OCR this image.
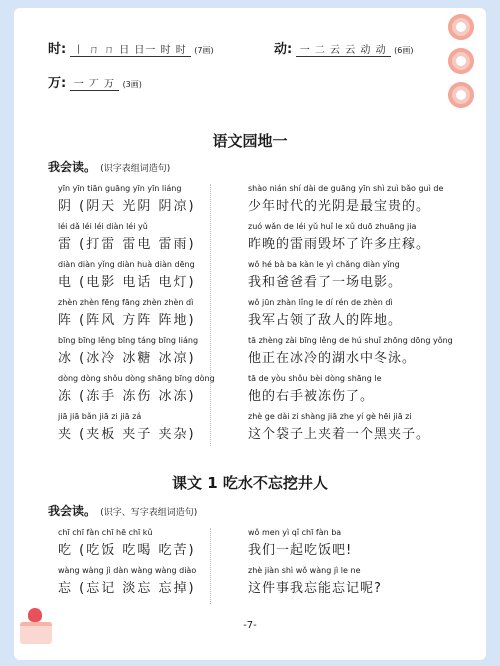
时: 丨 ㄇ ㄇ 日 日一 时 时 (7画)	动: 一 二 云 云 动 动 (6画)
万: 一 丆 万 (3画)
语文园地一
我会读。 (识字表组词造句)
yīn yīn tiān guāng yīn yīn liáng
阴 (阴天 光阴 阴凉)
shào nián shí dài de guāng yīn shì zuì bǎo guì de
少年时代的光阴是最宝贵的。
léi dǎ léi léi diàn léi yǔ
雷 (打雷 雷电 雷雨)
zuó wǎn de léi yǔ huǐ le xǔ duō zhuāng jia
昨晚的雷雨毁坏了许多庄稼。
diàn diàn yǐng diàn huà diàn dēng
电 (电影 电话 电灯)
wǒ hé bà ba kàn le yì chǎng diàn yǐng
我和爸爸看了一场电影。
zhèn zhèn fēng fāng zhèn zhèn dì
阵 (阵风 方阵 阵地)
wǒ jūn zhàn lǐng le dí rén de zhèn dì
我军占领了敌人的阵地。
bīng bīng lěng bīng táng bīng liáng
冰 (冰冷 冰糖 冰凉)
tā zhèng zài bīng lěng de hú shuǐ zhōng dōng yǒng
他正在冰冷的湖水中冬泳。
dòng dòng shǒu dòng shāng bīng dòng
冻 (冻手 冻伤 冰冻)
tā de yòu shǒu bèi dòng shāng le
他的右手被冻伤了。
jiā jiā bǎn jiā zi jiā zá
夹 (夹板 夹子 夹杂)
zhè ge dài zi shàng jiā zhe yí gè hēi jiā zi
这个袋子上夹着一个黑夹子。
课文 1 吃水不忘挖井人
我会读。 (识字、写字表组词造句)
chī chī fàn chī hē chī kǔ
吃 (吃饭 吃喝 吃苦)
wǒ men yì qǐ chī fàn ba
我们一起吃饭吧!
wàng wàng jì dàn wàng wàng diào
忘 (忘记 淡忘 忘掉)
zhè jiàn shì wǒ wàng jì le ne
这件事我忘能忘记呢?
-7-
